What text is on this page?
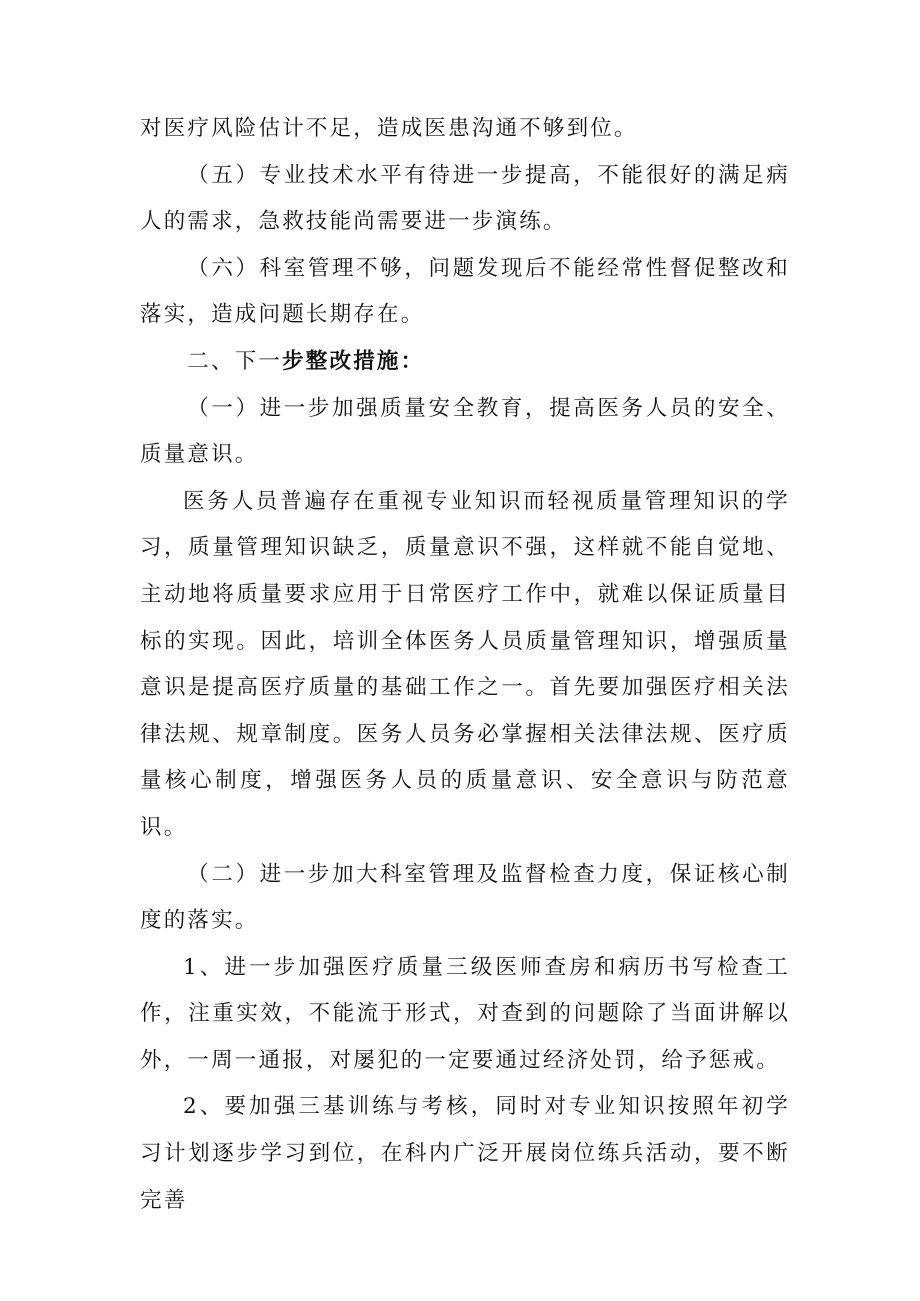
对医疗风险估计不足，造成医患沟通不够到位。

（五）专业技术水平有待进一步提高，不能很好的满足病人的需求，急救技能尚需要进一步演练。

（六）科室管理不够，问题发现后不能经常性督促整改和落实，造成问题长期存在。

二、下一步整改措施：

（一）进一步加强质量安全教育，提高医务人员的安全、质量意识。

医务人员普遍存在重视专业知识而轻视质量管理知识的学习，质量管理知识缺乏，质量意识不强，这样就不能自觉地、主动地将质量要求应用于日常医疗工作中，就难以保证质量目标的实现。因此，培训全体医务人员质量管理知识，增强质量意识是提高医疗质量的基础工作之一。首先要加强医疗相关法律法规、规章制度。医务人员务必掌握相关法律法规、医疗质量核心制度，增强医务人员的质量意识、安全意识与防范意识。

（二）进一步加大科室管理及监督检查力度，保证核心制度的落实。

1、进一步加强医疗质量三级医师查房和病历书写检查工作，注重实效，不能流于形式，对查到的问题除了当面讲解以外，一周一通报，对屡犯的一定要通过经济处罚，给予惩戒。

2、要加强三基训练与考核，同时对专业知识按照年初学习计划逐步学习到位，在科内广泛开展岗位练兵活动，要不断完善
